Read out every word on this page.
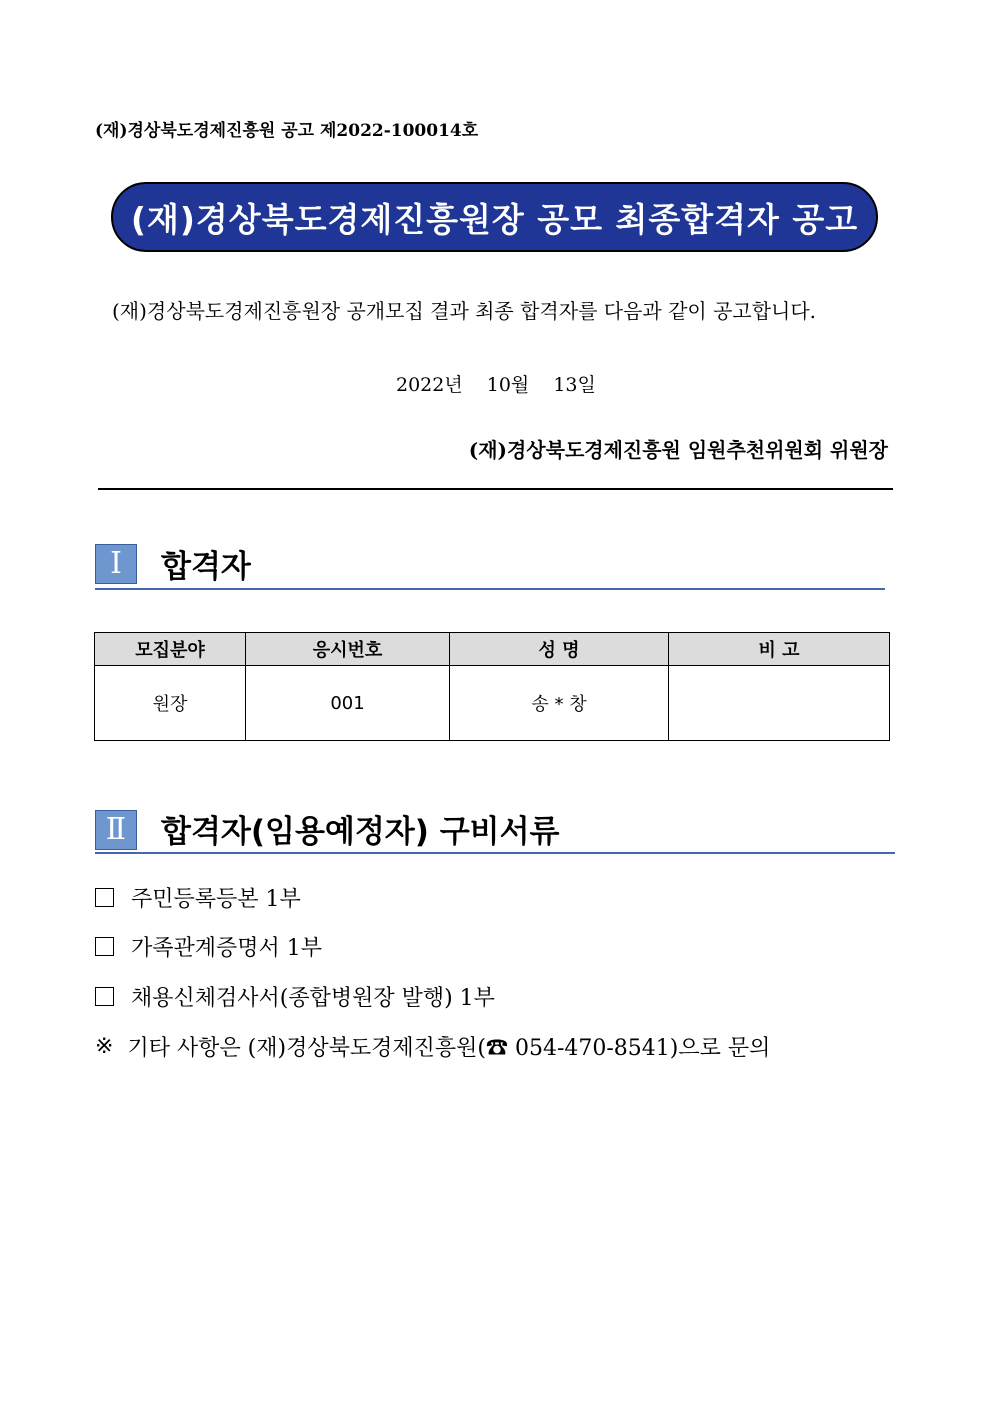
(재)경상북도경제진흥원 공고 제2022-100014호
(재)경상북도경제진흥원장 공모 최종합격자 공고
(재)경상북도경제진흥원장 공개모집 결과 최종 합격자를 다음과 같이 공고합니다.
2022년 10월 13일
(재)경상북도경제진흥원 임원추천위원회 위원장
Ⅰ	합격자
모집분야	응시번호	성 명	비 고
원장	001	송 * 창	
Ⅱ	합격자(임용예정자) 구비서류
주민등록등본 1부
가족관계증명서 1부
채용신체검사서(종합병원장 발행) 1부
※ 기타 사항은 (재)경상북도경제진흥원(☎ 054-470-8541)으로 문의
